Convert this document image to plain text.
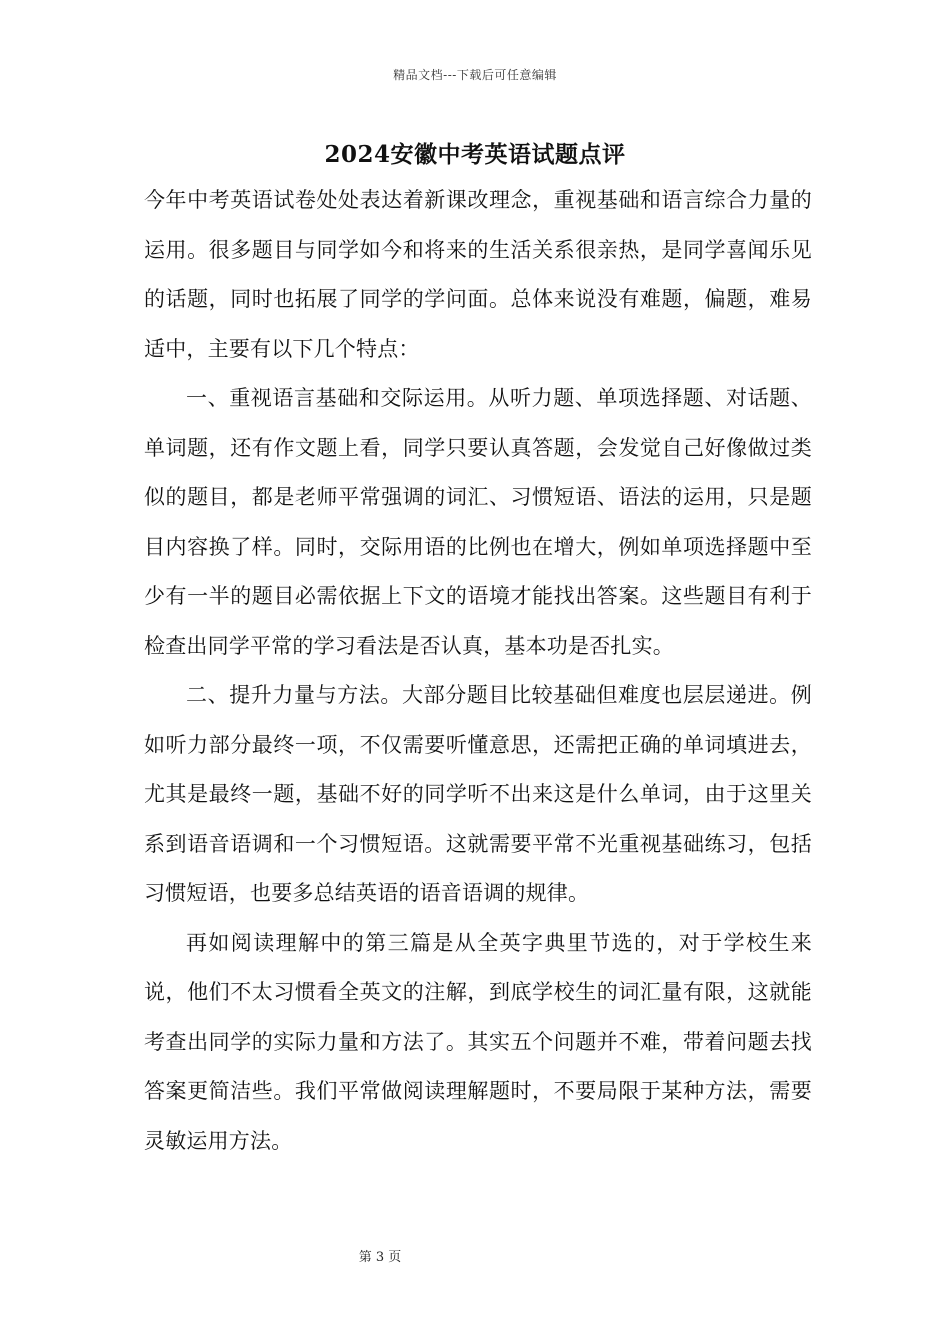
精品文档---下载后可任意编辑
2024安徽中考英语试题点评

今年中考英语试卷处处表达着新课改理念，重视基础和语言综合力量的运用。很多题目与同学如今和将来的生活关系很亲热，是同学喜闻乐见的话题，同时也拓展了同学的学问面。总体来说没有难题，偏题，难易适中，主要有以下几个特点：

一、重视语言基础和交际运用。从听力题、单项选择题、对话题、单词题，还有作文题上看，同学只要认真答题，会发觉自己好像做过类似的题目，都是老师平常强调的词汇、习惯短语、语法的运用，只是题目内容换了样。同时，交际用语的比例也在增大，例如单项选择题中至少有一半的题目必需依据上下文的语境才能找出答案。这些题目有利于检查出同学平常的学习看法是否认真，基本功是否扎实。

二、提升力量与方法。大部分题目比较基础但难度也层层递进。例如听力部分最终一项，不仅需要听懂意思，还需把正确的单词填进去，尤其是最终一题，基础不好的同学听不出来这是什么单词，由于这里关系到语音语调和一个习惯短语。这就需要平常不光重视基础练习，包括习惯短语，也要多总结英语的语音语调的规律。

再如阅读理解中的第三篇是从全英字典里节选的，对于学校生来说，他们不太习惯看全英文的注解，到底学校生的词汇量有限，这就能考查出同学的实际力量和方法了。其实五个问题并不难，带着问题去找答案更简洁些。我们平常做阅读理解题时，不要局限于某种方法，需要灵敏运用方法。

第 3 页
